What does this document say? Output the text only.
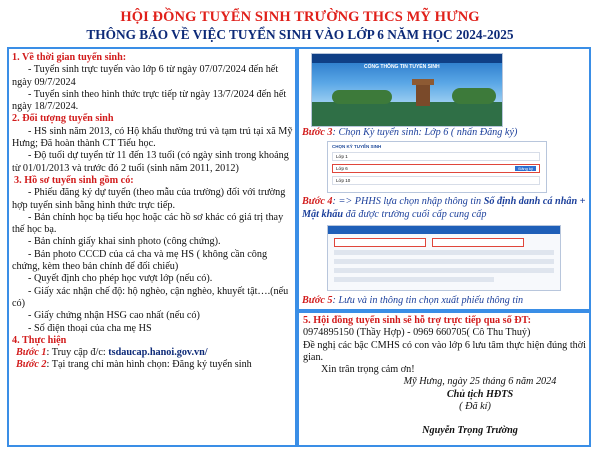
HỘI ĐỒNG TUYỂN SINH TRƯỜNG THCS MỸ HƯNG
THÔNG BÁO VỀ VIỆC TUYỂN SINH VÀO LỚP 6 NĂM HỌC 2024-2025

1. Về thời gian tuyển sinh:

- Tuyển sinh trực tuyến vào lớp 6 từ ngày 07/07/2024 đến hết ngày 09/7/2024

- Tuyển sinh theo hình thức trực tiếp từ ngày 13/7/2024 đến hết ngày 18/7/2024.

2. Đối tượng tuyển sinh

- HS sinh năm 2013, có Hộ khẩu thường trú và tạm trú tại xã Mỹ Hưng; Đã hoàn thành CT Tiểu học.

- Độ tuổi dự tuyển từ 11 đến 13 tuổi (có ngày sinh trong khoảng từ 01/01/2013 và trước đó 2 tuổi (sinh năm 2011, 2012)

3. Hồ sơ tuyển sinh gồm có:

- Phiếu đăng ký dự tuyển (theo mẫu của trường) đối với trường hợp tuyển sinh bằng hình thức trực tiếp.

- Bản chính học bạ tiểu học hoặc các hồ sơ khác có giá trị thay thế học bạ.

- Bản chính giấy khai sinh photo (công chứng).

- Bản photo CCCD của cả cha và mẹ HS ( không cần công chứng, kèm theo bản chính để đối chiếu)

- Quyết định cho phép học vượt lớp (nếu có).

- Giấy xác nhận chế độ: hộ nghèo, cận nghèo, khuyết tật….(nếu có)

- Giấy chứng nhận HSG cao nhất (nếu có)

- Số điện thoại của cha mẹ HS

4. Thực hiện

Bước 1: Truy cập đ/c: tsdaucap.hanoi.gov.vn/

Bước 2: Tại trang chỉ màn hình chọn: Đăng ký tuyển sinh

CỔNG THÔNG TIN TUYỂN SINH
Bước 3: Chọn Kỳ tuyển sinh: Lớp 6 ( nhấn Đăng ký)
CHỌN KỲ TUYỂN SINH
Lớp 1
Lớp 6	Đăng ký
Lớp 10
Bước 4: => PHHS lựa chọn nhập thông tin Số định danh cá nhân + Mật khẩu đã được trường cuối cấp cung cấp
Bước 5: Lưu và in thông tin chọn xuất phiếu thông tin

5. Hội đồng tuyển sinh sẽ hỗ trợ trực tiếp qua số ĐT:

0974895150 (Thầy Hợp) - 0969 660705( Cô Thu Thuỷ)

Đề nghị các bậc CMHS có con vào lớp 6 lưu tâm thực hiện đúng thời gian.

Xin trân trọng cảm ơn!

Mỹ Hưng, ngày 25 tháng 6 năm 2024

Chủ tịch HĐTS

( Đã kí)

Nguyễn Trọng Trường
